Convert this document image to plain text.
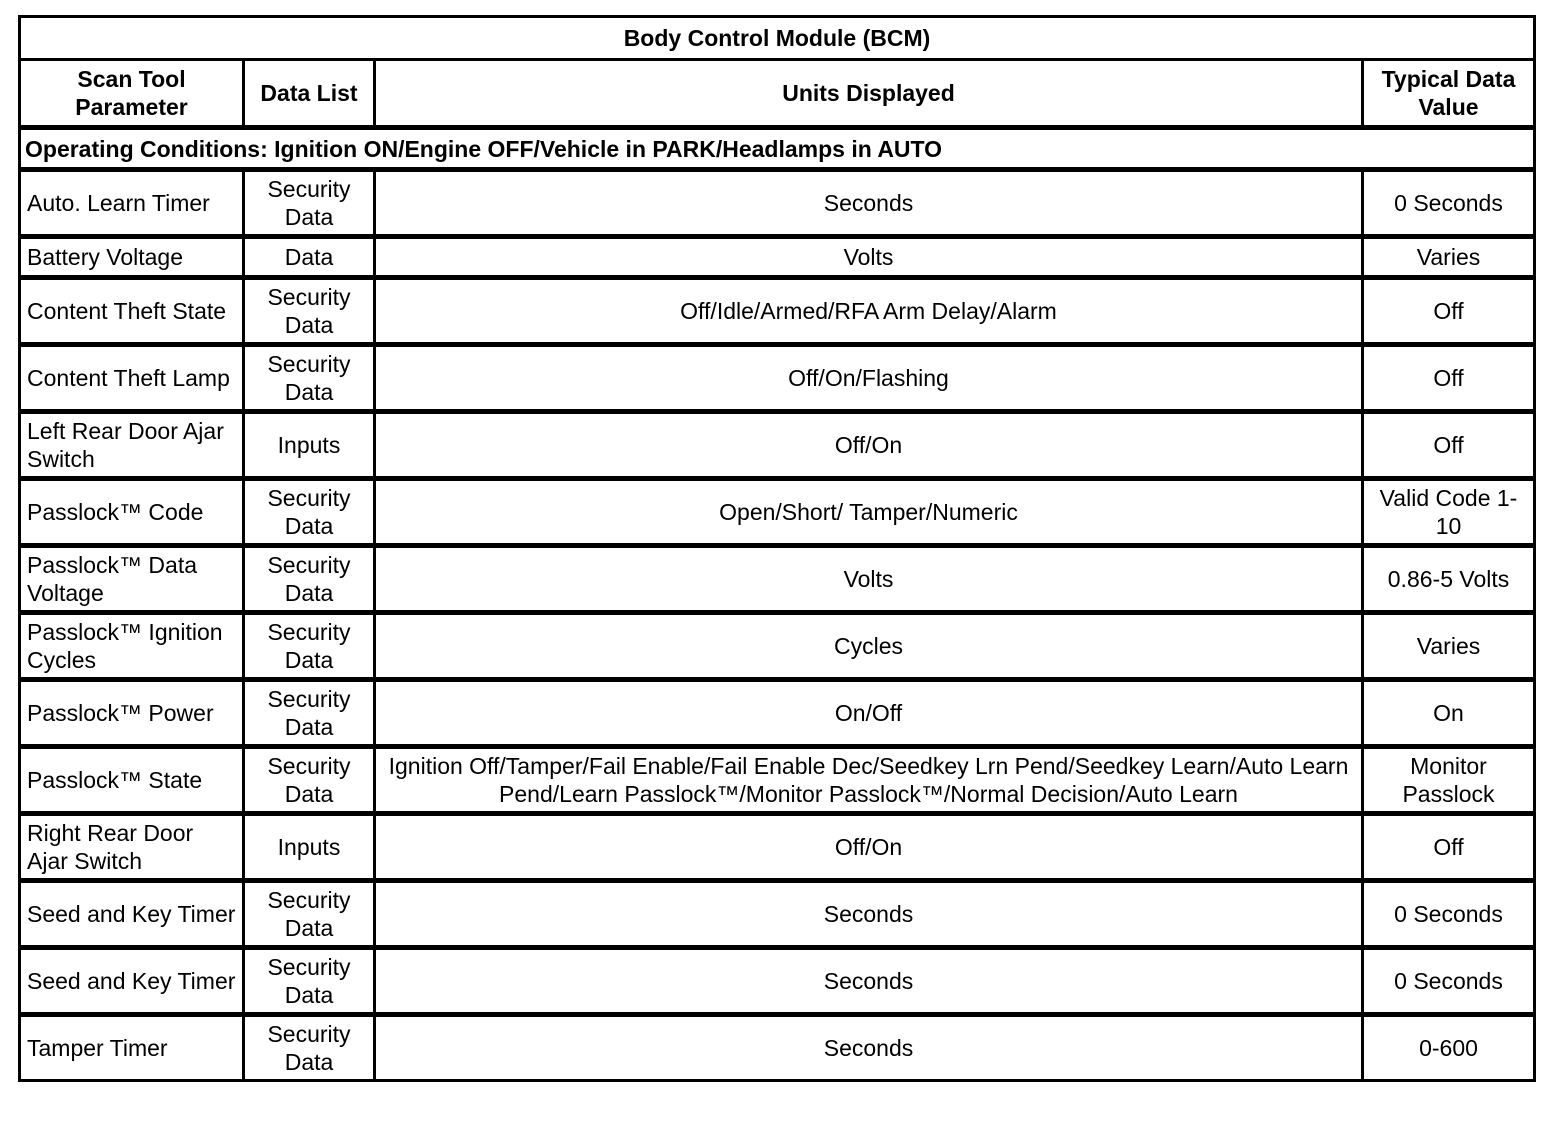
Body Control Module (BCM)			
Scan Tool Parameter	Data List	Units Displayed	Typical Data Value
Operating Conditions: Ignition ON/Engine OFF/Vehicle in PARK/Headlamps in AUTO			
Auto. Learn Timer	Security Data	Seconds	0 Seconds
Battery Voltage	Data	Volts	Varies
Content Theft State	Security Data	Off/Idle/Armed/RFA Arm Delay/Alarm	Off
Content Theft Lamp	Security Data	Off/On/Flashing	Off
Left Rear Door Ajar Switch	Inputs	Off/On	Off
Passlock™ Code	Security Data	Open/Short/ Tamper/Numeric	Valid Code 1-10
Passlock™ Data Voltage	Security Data	Volts	0.86-5 Volts
Passlock™ Ignition Cycles	Security Data	Cycles	Varies
Passlock™ Power	Security Data	On/Off	On
Passlock™ State	Security Data	Ignition Off/Tamper/Fail Enable/Fail Enable Dec/Seedkey Lrn Pend/Seedkey Learn/Auto Learn Pend/Learn Passlock™/Monitor Passlock™/Normal Decision/Auto Learn	Monitor Passlock
Right Rear Door Ajar Switch	Inputs	Off/On	Off
Seed and Key Timer	Security Data	Seconds	0 Seconds
Seed and Key Timer	Security Data	Seconds	0 Seconds
Tamper Timer	Security Data	Seconds	0-600
